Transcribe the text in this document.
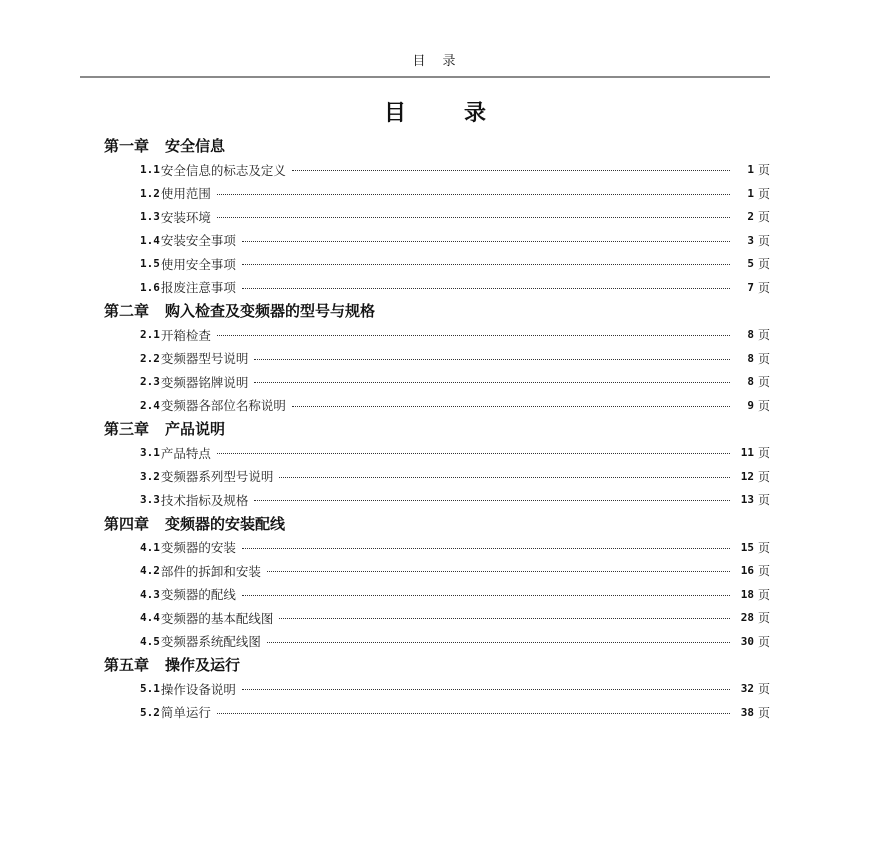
目　录
目	录
第一章 安全信息
1.1 安全信息的标志及定义	1 页
1.2 使用范围	1 页
1.3 安装环境	2 页
1.4 安装安全事项	3 页
1.5 使用安全事项	5 页
1.6 报废注意事项	7 页
第二章 购入检查及变频器的型号与规格
2.1 开箱检查	8 页
2.2 变频器型号说明	8 页
2.3 变频器铭牌说明	8 页
2.4 变频器各部位名称说明	9 页
第三章 产品说明
3.1 产品特点	11 页
3.2 变频器系列型号说明	12 页
3.3 技术指标及规格	13 页
第四章 变频器的安装配线
4.1 变频器的安装	15 页
4.2 部件的拆卸和安装	16 页
4.3 变频器的配线	18 页
4.4 变频器的基本配线图	28 页
4.5 变频器系统配线图	30 页
第五章 操作及运行
5.1 操作设备说明	32 页
5.2 简单运行	38 页
